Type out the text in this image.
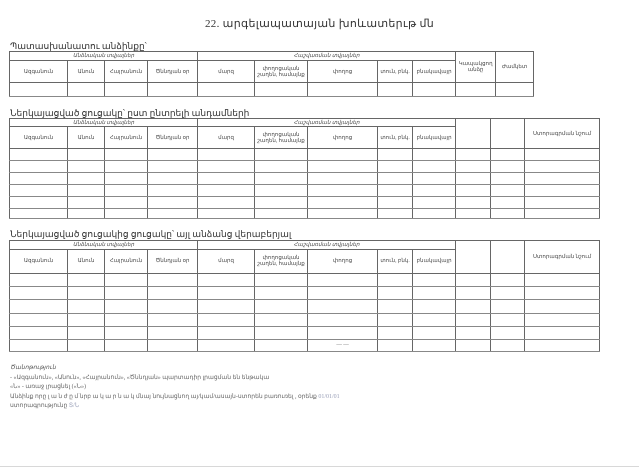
22. արգելապատայան խոևատերւթ մն
Պատասխանատու անձինքը՝
Անձնական տվյալներ				Հաշվառման տվյալներ					Կապակցող անձը	Ժամկետ
Ազգանուն	Անուն	Հայրանուն	Ծննդյան օր	մարզ	փողոցական
շաղեն, համայնք	փողոց	տուն, բնկ.	բնակավայր		

Ներկայացված ցուցակը՝ ըստ ընտրելի անդամների
Անձնական տվյալներ				Հաշվառման տվյալներ							Ստորագրման նշում
Ազգանուն	Անուն	Հայրանուն	Ծննդյան օր	մարզ	փողոցական
շաղեն, համայնք	փողոց	տուն, բնկ.	բնակավայր			

Ներկայացված ցուցակից ցուցակը՝ այլ անձանց վերաբերյալ
Անձնական տվյալներ				Հաշվառման տվյալներ							Ստորագրման նշում
Ազգանուն	Անուն	Հայրանուն	Ծննդյան օր	մարզ	փողոցական
շաղեն, համայնք	փողոց	տուն, բնկ.	բնակավայր			

						— —					
Ծանոթություն
- «Ազգանուն», «Անուն», «Հայրանուն», «Ծննդյան» պարտադիր լրացման են ենթակա
«Ն» - առաջ լրացնել («Ն»)
Անձինք որը լ ա ն ժ ը մ նրբ ա կ ա ր ն ա կ մնայ նույնացնող այ/կամ/ասայն-ստորեն բառուռել , օրենք 01/01/01
ստորագրությունը Տ/Ն
